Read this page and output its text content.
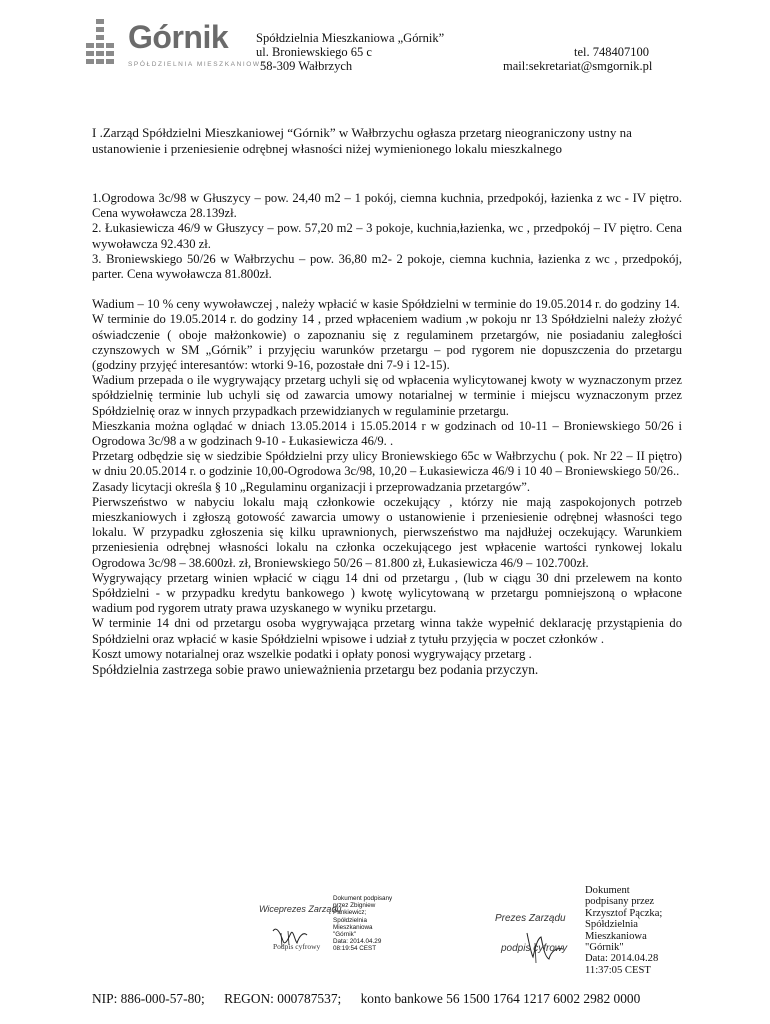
Górnik
SPÓŁDZIELNIA MIESZKANIOWA
Spółdzielnia Mieszkaniowa „Górnik”
ul. Broniewskiego 65 c
58-309 Wałbrzych
tel. 748407100
mail:sekretariat@smgornik.pl
I .Zarząd Spółdzielni Mieszkaniowej “Górnik” w Wałbrzychu ogłasza przetarg nieograniczony ustny na ustanowienie i przeniesienie odrębnej własności niżej wymienionego lokalu mieszkalnego

1.Ogrodowa 3c/98 w Głuszycy – pow. 24,40 m2 – 1 pokój, ciemna kuchnia, przedpokój, łazienka z wc - IV piętro. Cena wywoławcza 28.139zł.

2. Łukasiewicza 46/9 w Głuszycy – pow. 57,20 m2 – 3 pokoje, kuchnia,łazienka, wc , przedpokój – IV piętro. Cena wywoławcza 92.430 zł.

3. Broniewskiego 50/26 w Wałbrzychu – pow. 36,80 m2- 2 pokoje, ciemna kuchnia, łazienka z wc , przedpokój, parter. Cena wywoławcza 81.800zł.

Wadium – 10 % ceny wywoławczej , należy wpłacić w kasie Spółdzielni w terminie do 19.05.2014 r. do godziny 14.

W terminie do 19.05.2014 r. do godziny 14 , przed wpłaceniem wadium ,w pokoju nr 13 Spółdzielni należy złożyć oświadczenie ( oboje małżonkowie) o zapoznaniu się z regulaminem przetargów, nie posiadaniu zaległości czynszowych w SM „Górnik” i przyjęciu warunków przetargu – pod rygorem nie dopuszczenia do przetargu (godziny przyjęć interesantów: wtorki 9-16, pozostałe dni 7-9 i 12-15).

Wadium przepada o ile wygrywający przetarg uchyli się od wpłacenia wylicytowanej kwoty w wyznaczonym przez spółdzielnię terminie lub uchyli się od zawarcia umowy notarialnej w terminie i miejscu wyznaczonym przez Spółdzielnię oraz w innych przypadkach przewidzianych w regulaminie przetargu.

Mieszkania można oglądać w dniach 13.05.2014 i 15.05.2014 r w godzinach od 10-11 – Broniewskiego 50/26 i Ogrodowa 3c/98 a w godzinach 9-10 - Łukasiewicza 46/9. .

Przetarg odbędzie się w siedzibie Spółdzielni przy ulicy Broniewskiego 65c w Wałbrzychu ( pok. Nr 22 – II piętro) w dniu 20.05.2014 r. o godzinie 10,00-Ogrodowa 3c/98, 10,20 – Łukasiewicza 46/9 i 10 40 – Broniewskiego 50/26..

Zasady licytacji określa § 10 „Regulaminu organizacji i przeprowadzania przetargów”.

Pierwszeństwo w nabyciu lokalu mają członkowie oczekujący , którzy nie mają zaspokojonych potrzeb mieszkaniowych i zgłoszą gotowość zawarcia umowy o ustanowienie i przeniesienie odrębnej własności tego lokalu. W przypadku zgłoszenia się kilku uprawnionych, pierwszeństwo ma najdłużej oczekujący. Warunkiem przeniesienia odrębnej własności lokalu na członka oczekującego jest wpłacenie wartości rynkowej lokalu Ogrodowa 3c/98 – 38.600zł. zł, Broniewskiego 50/26 – 81.800 zł, Łukasiewicza 46/9 – 102.700zł.

Wygrywający przetarg winien wpłacić w ciągu 14 dni od przetargu , (lub w ciągu 30 dni przelewem na konto Spółdzielni - w przypadku kredytu bankowego ) kwotę wylicytowaną w przetargu pomniejszoną o wpłacone wadium pod rygorem utraty prawa uzyskanego w wyniku przetargu.

W terminie 14 dni od przetargu osoba wygrywająca przetarg winna także wypełnić deklarację przystąpienia do Spółdzielni oraz wpłacić w kasie Spółdzielni wpisowe i udział z tytułu przyjęcia w poczet członków .

Koszt umowy notarialnej oraz wszelkie podatki i opłaty ponosi wygrywający przetarg .

Spółdzielnia zastrzega sobie prawo unieważnienia przetargu bez podania przyczyn.

Wiceprezes Zarządu
Podpis cyfrowy
Dokument podpisany
przez Zbigniew
Pankiewicz;
Spółdzielnia
Mieszkaniowa
"Górnik"
Data: 2014.04.29
08:19:54 CEST
Prezes Zarządu
podpis cyfrowy
Dokument
podpisany przez
Krzysztof Pączka;
Spółdzielnia
Mieszkaniowa
"Górnik"
Data: 2014.04.28
11:37:05 CEST
NIP: 886-000-57-80; REGON: 000787537; konto bankowe 56 1500 1764 1217 6002 2982 0000
